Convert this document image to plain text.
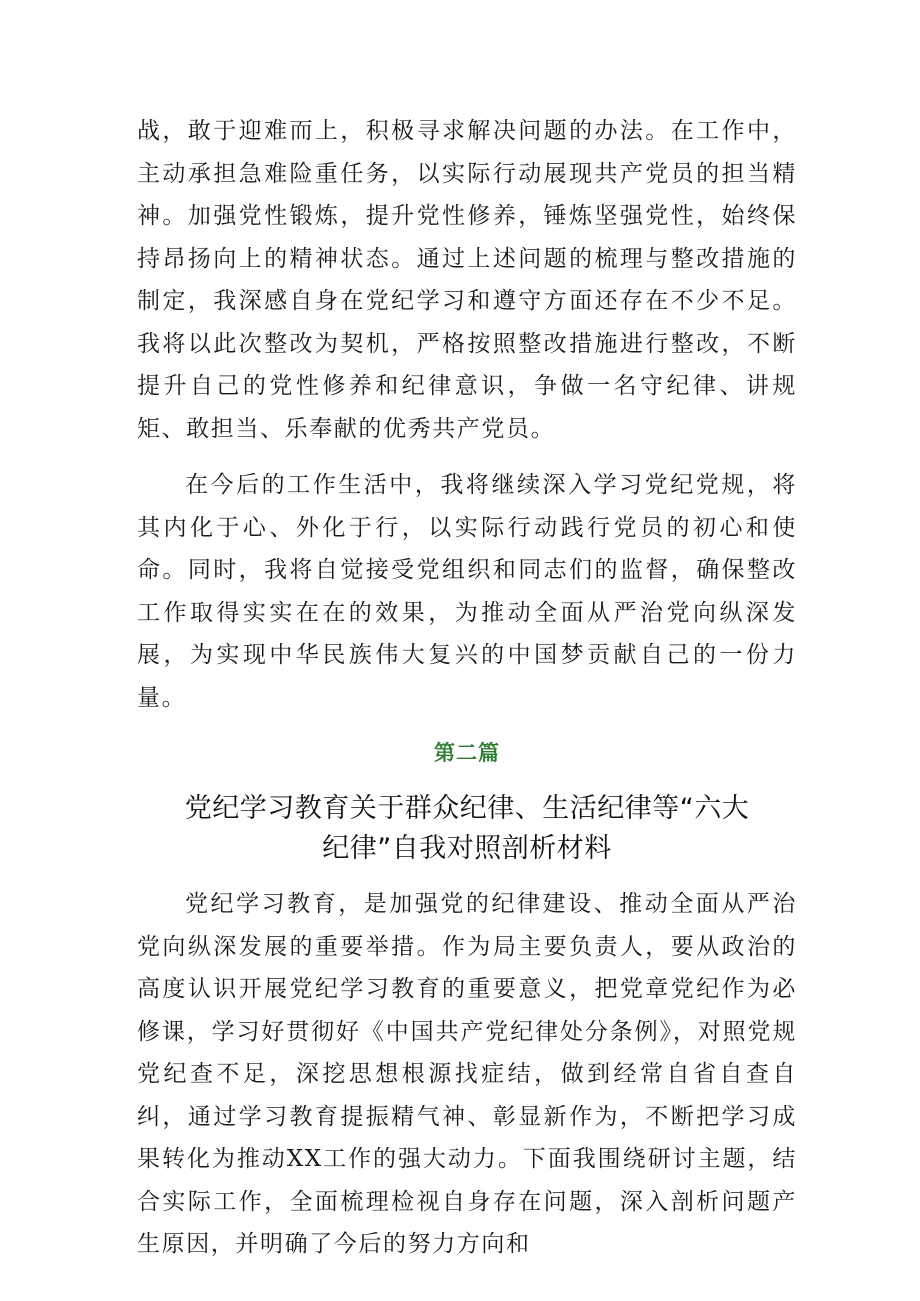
战，敢于迎难而上，积极寻求解决问题的办法。在工作中，主动承担急难险重任务，以实际行动展现共产党员的担当精神。加强党性锻炼，提升党性修养，锤炼坚强党性，始终保持昂扬向上的精神状态。通过上述问题的梳理与整改措施的制定，我深感自身在党纪学习和遵守方面还存在不少不足。我将以此次整改为契机，严格按照整改措施进行整改，不断提升自己的党性修养和纪律意识，争做一名守纪律、讲规矩、敢担当、乐奉献的优秀共产党员。

在今后的工作生活中，我将继续深入学习党纪党规，将其内化于心、外化于行，以实际行动践行党员的初心和使命。同时，我将自觉接受党组织和同志们的监督，确保整改工作取得实实在在的效果，为推动全面从严治党向纵深发展，为实现中华民族伟大复兴的中国梦贡献自己的一份力量。

第二篇
党纪学习教育关于群众纪律、生活纪律等“六大
纪律”自我对照剖析材料

党纪学习教育，是加强党的纪律建设、推动全面从严治党向纵深发展的重要举措。作为局主要负责人，要从政治的高度认识开展党纪学习教育的重要意义，把党章党纪作为必修课，学习好贯彻好《中国共产党纪律处分条例》，对照党规党纪查不足，深挖思想根源找症结，做到经常自省自查自纠，通过学习教育提振精气神、彰显新作为，不断把学习成果转化为推动XX工作的强大动力。下面我围绕研讨主题，结合实际工作，全面梳理检视自身存在问题，深入剖析问题产生原因，并明确了今后的努力方向和
